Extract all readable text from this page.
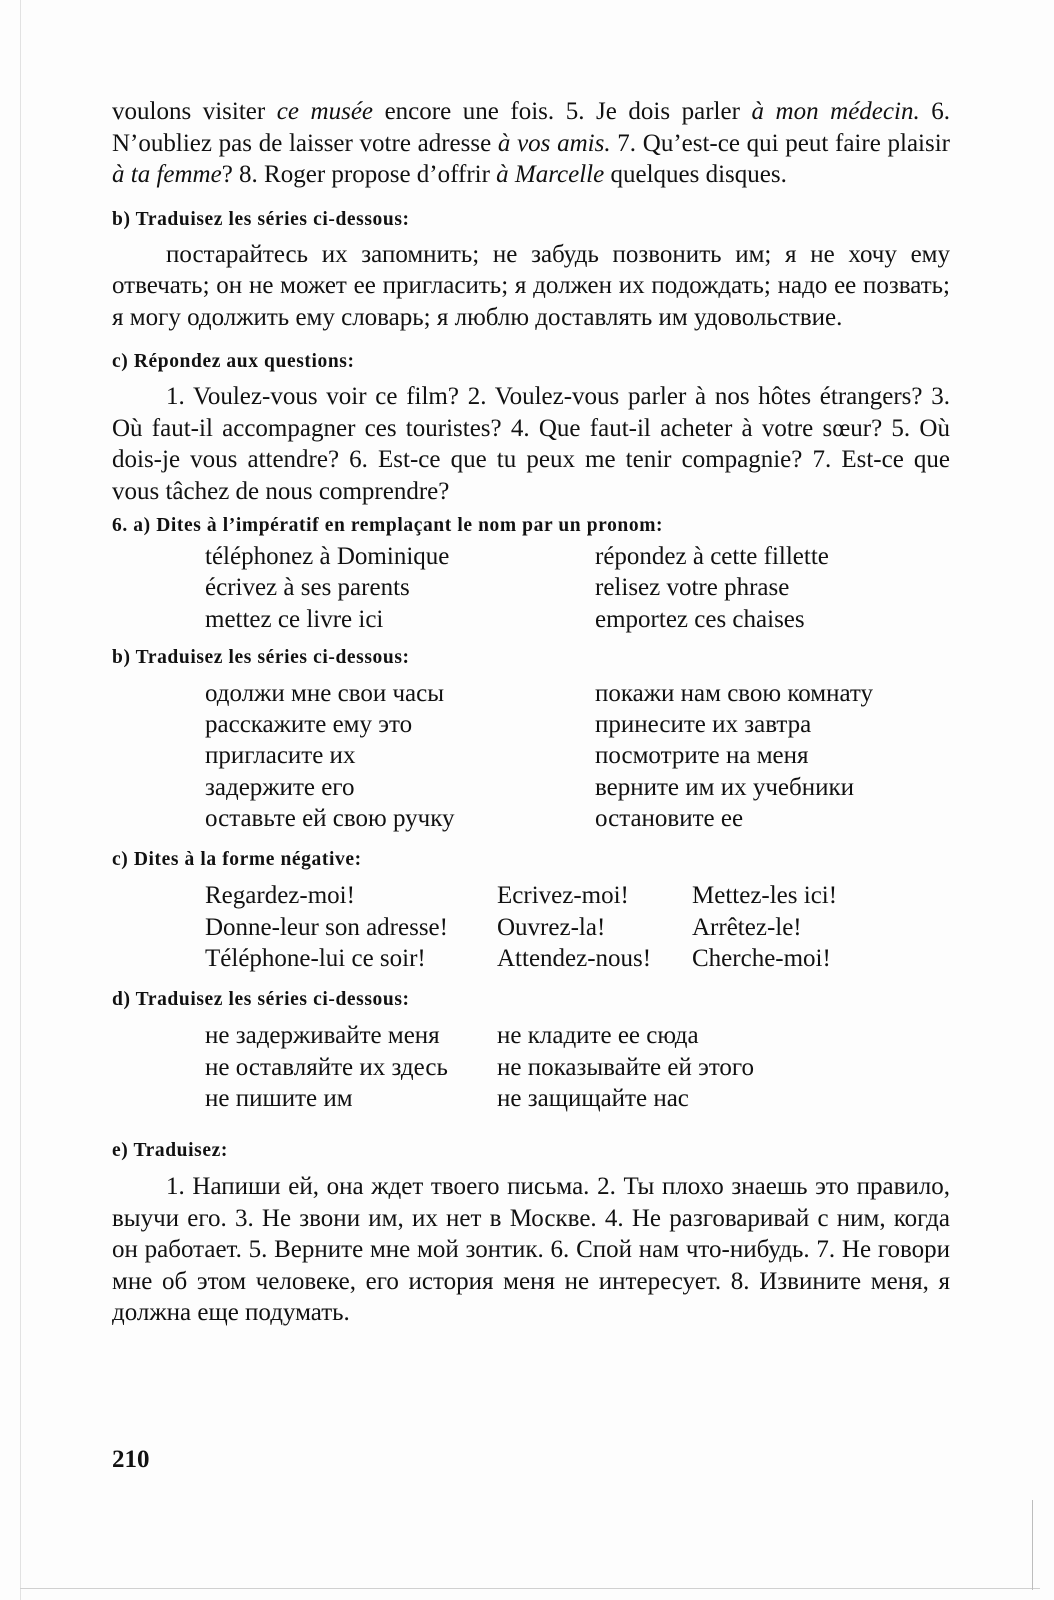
voulons visiter ce musée encore une fois. 5. Je dois parler à mon médecin. 6. N’oubliez pas de laisser votre adresse à vos amis. 7. Qu’est-ce qui peut faire plaisir à ta femme? 8. Roger propose d’offrir à Marcelle quelques disques.

b) Traduisez les séries ci-dessous:

постарайтесь их запомнить; не забудь позвонить им; я не хочу ему отвечать; он не может ее пригласить; я должен их подождать; надо ее позвать; я могу одолжить ему словарь; я люблю доставлять им удовольствие.

c) Répondez aux questions:

1. Voulez-vous voir ce film? 2. Voulez-vous parler à nos hôtes étrangers? 3. Où faut-il accompagner ces touristes? 4. Que faut-il acheter à votre sœur? 5. Où dois-je vous attendre? 6. Est-ce que tu peux me tenir compagnie? 7. Est-ce que vous tâchez de nous comprendre?

6. a) Dites à l’impératif en remplaçant le nom par un pronom:

téléphonez à Dominique	répondez à cette fillette
écrivez à ses parents	relisez votre phrase
mettez ce livre ici	emportez ces chaises

b) Traduisez les séries ci-dessous:

одолжи мне свои часы	покажи нам свою комнату
расскажите ему это	принесите их завтра
пригласите их	посмотрите на меня
задержите его	верните им их учебники
оставьте ей свою ручку	остановите ее

c) Dites à la forme négative:

Regardez-moi!	Ecrivez-moi!	Mettez-les ici!
Donne-leur son adresse!	Ouvrez-la!	Arrêtez-le!
Téléphone-lui ce soir!	Attendez-nous!	Cherche-moi!

d) Traduisez les séries ci-dessous:

не задерживайте меня	не кладите ее сюда
не оставляйте их здесь	не показывайте ей этого
не пишите им	не защищайте нас

e) Traduisez:

1. Напиши ей, она ждет твоего письма. 2. Ты плохо знаешь это правило, выучи его. 3. Не звони им, их нет в Москве. 4. Не разговаривай с ним, когда он работает. 5. Верните мне мой зонтик. 6. Спой нам что-нибудь. 7. Не говори мне об этом человеке, его история меня не интересует. 8. Извините меня, я должна еще подумать.

210
